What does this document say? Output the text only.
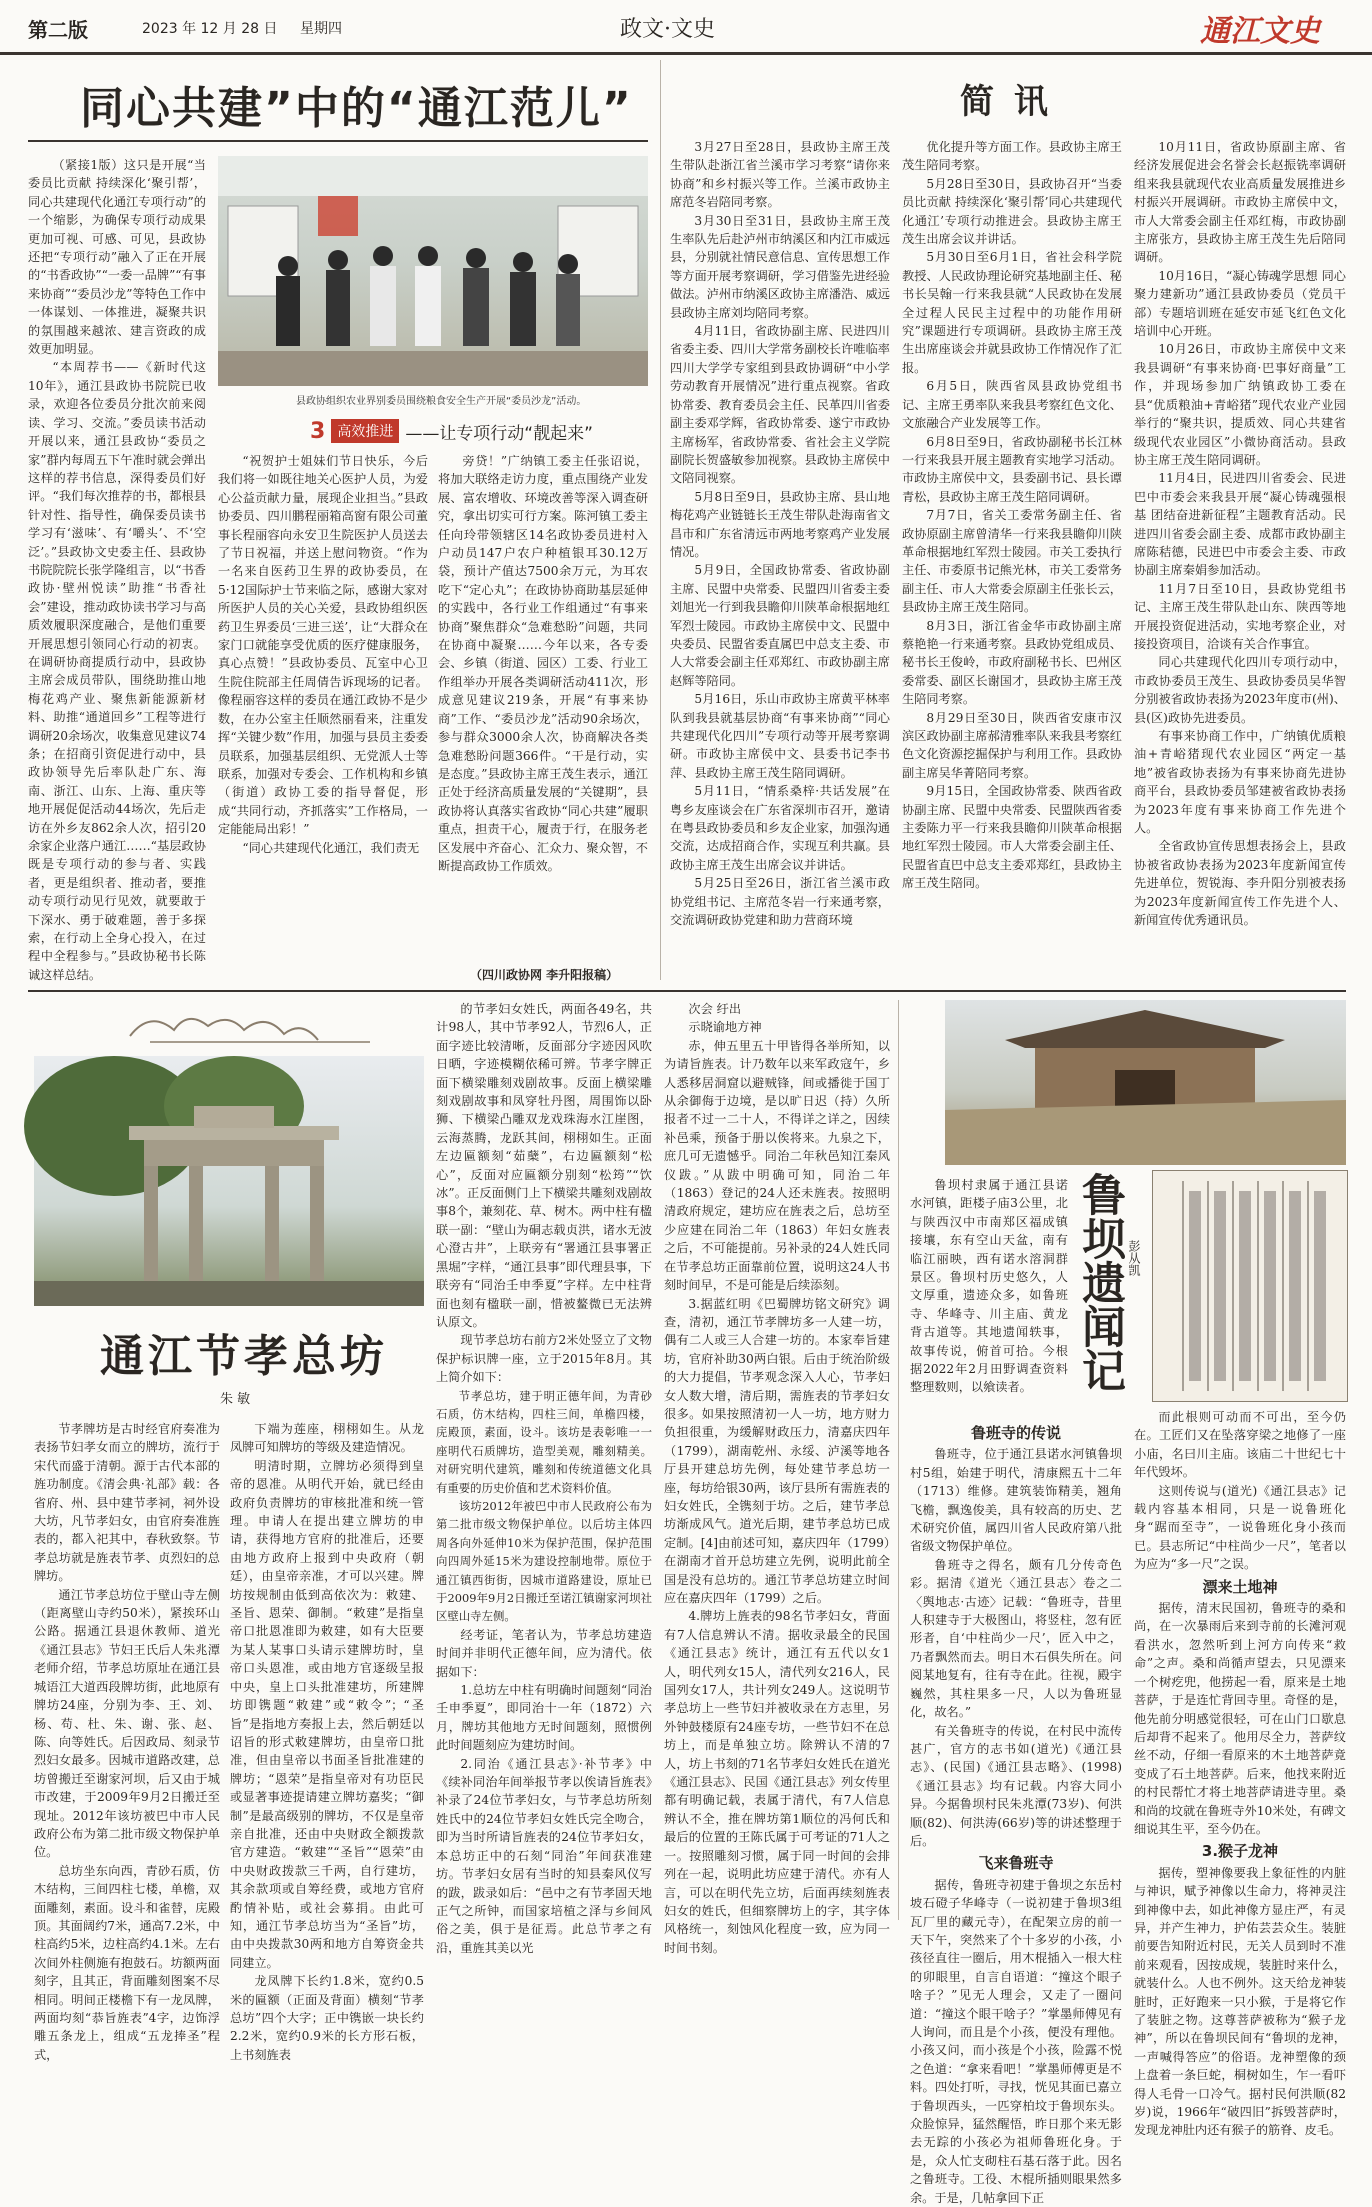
第二版	2023 年 12 月 28 日 星期四	政文·文史	通江文史
同心共建”中的“通江范儿”

（紧接1版）这只是开展“当委员比贡献 持续深化‘聚引帮’，同心共建现代化通江专项行动”的一个缩影，为确保专项行动成果更加可视、可感、可见，县政协还把“专项行动”融入了正在开展的“书香政协”“一委一品牌”“有事来协商”“委员沙龙”等特色工作中一体谋划、一体推进，凝聚共识的氛围越来越浓、建言资政的成效更加明显。

“本周荐书——《新时代这10年》，通江县政协书院院已收录，欢迎各位委员分批次前来阅读、学习、交流。”委员读书活动开展以来，通江县政协“委员之家”群内每周五下午准时就会弹出这样的荐书信息，深得委员们好评。“我们每次推荐的书，都根县针对性、指导性，确保委员读书学习有‘滋味’、有‘嚼头’、不‘空泛’。”县政协文史委主任、县政协书院院院长张学隆组言，以“书香政协·壁州悦读”助推“书香社会”建设，推动政协读书学习与高质效履职深度融合，是他们重要开展思想引领同心行动的初衷。在调研协商提质行动中，县政协主席会成员带队，围绕助推山地梅花鸡产业、聚焦新能源新材料、助推“通道回乡”工程等进行调研20余场次，收集意见建议74条；在招商引资促进行动中，县政协领导先后率队赴广东、海南、浙江、山东、上海、重庆等地开展促促活动44场次，先后走访在外乡友862余人次，招引20余家企业落户通江……“基层政协既是专项行动的参与者、实践者，更是组织者、推动者，要推动专项行动见行见效，就要敢于下深水、勇于破难题，善于多探索，在行动上全身心投入，在过程中全程参与。”县政协秘书长陈诚这样总结。

县政协组织农业界别委员围绕粮食安全生产开展“委员沙龙”活动。
3 高效推进 ——让专项行动“靓起来”

“祝贺护士姐妹们节日快乐，今后我们将一如既往地关心医护人员，为爱心公益贡献力量，展现企业担当。”县政协委员、四川鹏程丽箱高窗有限公司董事长程丽容向永安卫生院医护人员送去了节日祝福，并送上慰问物资。“作为一名来自医药卫生界的政协委员，在5·12国际护士节来临之际，感谢大家对所医护人员的关心关爱，县政协组织医药卫生界委员‘三进三送’，让“大群众在家门口就能享受优质的医疗健康服务，真心点赞！”县政协委员、瓦室中心卫生院住院部主任周倩告诉现场的记者。像程丽容这样的委员在通江政协不是少数，在办公室主任顺然丽看来，注重发挥“关键少数”作用，加强与县员主委委员联系，加强基层组织、无党派人士等联系，加强对专委会、工作机构和乡镇（街道）政协工委的指导督促，形成“共同行动，齐抓落实”工作格局，一定能能局出彩！”

“同心共建现代化通江，我们责无

旁贷！”广纳镇工委主任张诏说，将加大联络走访力度，重点围绕产业发展、富农增收、环境改善等深入调查研究，拿出切实可行方案。陈河镇工委主任向玲带领辖区14名政协委员进村入户动员147户农户种植银耳30.12万袋，预计产值达7500余万元，为耳农吃下“定心丸”；在政协协商助基层延伸的实践中，各行业工作组通过“有事来协商”聚焦群众“急难愁盼”问题，共同在协商中凝聚……今年以来，各专委会、乡镇（街道、园区）工委、行业工作组举办开展各类调研活动411次，形成意见建议219条，开展“有事来协商”工作、“委员沙龙”活动90余场次，参与群众3000余人次，协商解决各类急难愁盼问题366件。“干是行动，实是态度。”县政协主席王茂生表示，通江正处于经济高质量发展的“关键期”，县政协将认真落实省政协“同心共建”履职重点，担责干心，履责于行，在服务老区发展中齐奋心、汇众力、聚众智，不断提高政协工作质效。

（四川政协网 李升阳报稿）
简 讯

3月27日至28日，县政协主席王茂生带队赴浙江省兰溪市学习考察“请你来协商”和乡村振兴等工作。兰溪市政协主席范冬岩陪同考察。

3月30日至31日，县政协主席王茂生率队先后赴泸州市纳溪区和内江市威远县，分别就社情民意信息、宣传思想工作等方面开展考察调研，学习借鉴先进经验做法。泸州市纳溪区政协主席潘浩、威远县政协主席刘均陪同考察。

4月11日，省政协副主席、民进四川省委主委、四川大学常务副校长许唯临率四川大学学专家组到县政协调研“中小学劳动教育开展情况”进行重点视察。省政协常委、教育委员会主任、民革四川省委副主委邓学辉，省政协常委、遂宁市政协主席杨军，省政协常委、省社会主义学院副院长贺盛敏参加视察。县政协主席侯中文陪同视察。

5月8日至9日，县政协主席、县山地梅花鸡产业链链长王茂生带队赴海南省文昌市和广东省清远市两地考察鸡产业发展情况。

5月9日，全国政协常委、省政协副主席、民盟中央常委、民盟四川省委主委刘旭光一行到我县瞻仰川陕革命根据地红军烈士陵园。市政协主席侯中文、民盟中央委员、民盟省委直属巴中总支主委、市人大常委会副主任邓郑红、市政协副主席赵辉等陪同。

5月16日，乐山市政协主席黄平林率队到我县就基层协商“有事来协商”“同心共建现代化四川”专项行动等开展考察调研。市政协主席侯中文、县委书记李书萍、县政协主席王茂生陪同调研。

5月11日，“情系桑梓·共话发展”在粤乡友座谈会在广东省深圳市召开，邀请在粤县政协委员和乡友企业家，加强沟通交流，达成招商合作，实现互利共赢。县政协主席王茂生出席会议并讲话。

5月25日至26日，浙江省兰溪市政协党组书记、主席范冬岩一行来通考察，交流调研政协党建和助力营商环境

优化提升等方面工作。县政协主席王茂生陪同考察。

5月28日至30日，县政协召开“当委员比贡献 持续深化‘聚引帮’同心共建现代化通江’专项行动推进会。县政协主席王茂生出席会议并讲话。

5月30日至6月1日，省社会科学院教授、人民政协理论研究基地副主任、秘书长吴翰一行来我县就“人民政协在发展全过程人民民主过程中的功能作用研究”课题进行专项调研。县政协主席王茂生出席座谈会并就县政协工作情况作了汇报。

6月5日，陕西省凤县政协党组书记、主席王勇率队来我县考察红色文化、文旅融合产业发展等工作。

6月8日至9日，省政协副秘书长江林一行来我县开展主题教育实地学习活动。市政协主席侯中文，县委副书记、县长谭青松，县政协主席王茂生陪同调研。

7月7日，省关工委常务副主任、省政协原副主席曾清华一行来我县瞻仰川陕革命根据地红军烈士陵园。市关工委执行主任、市委原书记熊光林，市关工委常务副主任、市人大常委会原副主任张长云，县政协主席王茂生陪同。

8月3日，浙江省金华市政协副主席蔡艳艳一行来通考察。县政协党组成员、秘书长王俊岭，市政府副秘书长、巴州区委常委、副区长谢国才，县政协主席王茂生陪同考察。

8月29日至30日，陕西省安康市汉滨区政协副主席郝清雅率队来我县考察红色文化资源挖掘保护与利用工作。县政协副主席吴华菁陪同考察。

9月15日，全国政协常委、陕西省政协副主席、民盟中央常委、民盟陕西省委主委陈力平一行来我县瞻仰川陕革命根据地红军烈士陵园。市人大常委会副主任、民盟省直巴中总支主委邓郑红，县政协主席王茂生陪同。

10月11日，省政协原副主席、省经济发展促进会名誉会长赵振铣率调研组来我县就现代农业高质量发展推进乡村振兴开展调研。市政协主席侯中文，市人大常委会副主任邓红梅，市政协副主席张方，县政协主席王茂生先后陪同调研。

10月16日，“凝心铸魂学思想 同心聚力建新功”通江县政协委员（党员干部）专题培训班在延安市延飞红色文化培训中心开班。

10月26日，市政协主席侯中文来我县调研“有事来协商·巴事好商量”工作，并现场参加广纳镇政协工委在县“优质粮油+青峪猪”现代农业产业园举行的“聚共识，提质效、同心共建省级现代农业园区”小微协商活动。县政协主席王茂生陪同调研。

11月4日，民进四川省委会、民进巴中市委会来我县开展“凝心铸魂强根基 团结奋进新征程”主题教育活动。民进四川省委会副主委、成都市政协副主席陈秸德，民进巴中市委会主委、市政协副主席秦娟参加活动。

11月7日至10日，县政协党组书记、主席王茂生带队赴山东、陕西等地开展投资促进活动，实地考察企业，对接投资项目，洽谈有关合作事宜。

同心共建现代化四川专项行动中，市政协委员王茂生、县政协委员吴华智分别被省政协表扬为2023年度市(州)、县(区)政协先进委员。

有事来协商工作中，广纳镇优质粮油+青峪猪现代农业园区“两定一基地”被省政协表扬为有事来协商先进协商平台，县政协委员邹建被省政协表扬为2023年度有事来协商工作先进个人。

全省政协宣传思想表扬会上，县政协被省政协表扬为2023年度新闻宣传先进单位，贺锐海、李升阳分别被表扬为2023年度新闻宣传工作先进个人、新闻宣传优秀通讯员。

通江节孝总坊
朱 敏

节孝牌坊是古时经官府奏准为表扬节妇孝女而立的牌坊，流行于宋代而盛于清朝。源于古代本部的旌功制度。《清会典·礼部》载：各省府、州、县中建节孝祠，祠外设大坊，凡节孝妇女，由官府奏准旌表的，都入祀其中，春秋致祭。节孝总坊就是旌表节孝、贞烈妇的总牌坊。

通江节孝总坊位于壁山寺左侧（距离壁山寺约50米），紧挨环山公路。据通江县退休教师、道光《通江县志》节妇王氏后人朱兆潭老师介绍，节孝总坊原址在通江县城语江大道西段牌坊街，此地原有牌坊24座，分别为李、王、刘、杨、苟、杜、朱、谢、张、赵、陈、向等姓氏。后因政局、刻录节烈妇女最多。因城市道路改建，总坊曾搬迁至谢家河坝，后又由于城市改建，于2009年9月2日搬迁至现址。2012年该坊被巴中市人民政府公布为第二批市级文物保护单位。

总坊坐东向西，青砂石质，仿木结构，三间四柱七楼，单檐，双面雕刻，素面。设斗和雀替，庑殿顶。其面阔约7米，通高7.2米，中柱高约5米，边柱高约4.1米。左右次间外柱侧施有抱鼓石。坊额两面刻字，且其正，背面雕刻图案不尽相同。明间正楼檐下有一龙凤牌，两面均刻“恭旨旌表”4字，边饰浮雕五条龙上，组成“五龙捧圣”程式，

下端为莲座，栩栩如生。从龙凤牌可知牌坊的等级及建造情况。

明清时期，立牌坊必须得到皇帝的恩准。从明代开始，就已经由政府负责牌坊的审核批准和统一管理。申请人在提出建立牌坊的申请，获得地方官府的批准后，还要由地方政府上报到中央政府（朝廷），由皇帝亲准，才可以兴建。牌坊按规制由低到高依次为：敕建、圣旨、恩荣、御制。“敕建”是指皇帝口批恩准即为敕建，如有大臣要为某人某事口头请示建牌坊时，皇帝口头恩准，或由地方官逐级呈报中央，皇上口头批准建坊，所建牌坊即镌题“敕建”或“敕令”；“圣旨”是指地方奏报上去，然后朝廷以诏旨的形式敕建牌坊，由皇帝口批准，但由皇帝以书面圣旨批准建的牌坊；“恩荣”是指皇帝对有功臣民或显著事迹提请建立牌坊嘉奖；“御制”是最高级别的牌坊，不仅是皇帝亲自批准，还由中央财政全额拨款官方建造。“敕建”“圣旨”“恩荣”由中央财政拨款三千两，自行建坊，其余款项或自筹经费，或地方官府酌情补贴，或社会募捐。由此可知，通江节孝总坊当为“圣旨”坊，由中央拨款30两和地方自筹资金共同建立。

龙凤牌下长约1.8米，宽约0.5米的匾额（正面及背面）横刻“节孝总坊”四个大字；正中镌嵌一块长约2.2米，宽约0.9米的长方形石板，上书刻旌表

的节孝妇女姓氏，两面各49名，共计98人，其中节孝92人，节烈6人，正面字迹比较清晰，反面部分字迹因风吹日晒，字迹模糊依稀可辨。节孝字牌正面下横梁雕刻戏剧故事。反面上横梁雕刻戏剧故事和凤穿牡丹图，周围饰以卧狮、下横梁凸雕双龙戏珠海水江崖图，云海蒸腾，龙跃其间，栩栩如生。正面左边匾额刻“茹蘖”，右边匾额刻“松心”，反面对应匾额分别刻“松筠”“饮冰”。正反面侧门上下横梁共雕刻戏剧故事8个，兼刻花、草、树木。两中柱有楹联一副：“壁山为硐志载贞洪，诸水无波心澄古井”，上联旁有“署通江县事署正黑堀”字样，“通江县事”即代理县事，下联旁有“同治壬申季夏”字样。左中柱背面也刻有楹联一副，惜被鳌微已无法辨认原文。

现节孝总坊右前方2米处竖立了文物保护标识牌一座，立于2015年8月。其上简介如下：

节孝总坊，建于明正德年间，为青砂石质，仿木结构，四柱三间，单檐四楼，庑殿顶，素面，设斗。该坊是表彰唯一一座明代石质牌坊，造型美观，雕刻精美。对研究明代建筑，雕刻和传统道德文化具有重要的历史价值和艺术资料价值。

该坊2012年被巴中市人民政府公布为第二批市级文物保护单位。以后坊主体四周各向外延伸10米为保护范围，保护范围向四周外延15米为建设控制地带。原位于通江镇西街街，因城市道路建设，原址已于2009年9月2日搬迁至诺江镇谢家河坝社区壁山寺左侧。

经考证，笔者认为，节孝总坊建造时间并非明代正德年间，应为清代。依据如下：

1.总坊左中柱有明确时间题刻“同治壬申季夏”，即同治十一年（1872）六月，牌坊其他地方无时间题刻，照惯例此时间题刻应为建坊时间。

2.同治《通江县志》·补节孝》中《续补同治年间举报节孝以俟请旨旌表》补录了24位节孝妇女，与节孝总坊所刻姓氏中的24位节孝妇女姓氏完全吻合，即为当时所请旨旌表的24位节孝妇女，本总坊正中的石刻“同治”年间获准建坊。节孝妇女居有当时的知县秦风仪写的跋，跋录如后：“邑中之有节孝固天地正气之所钟，而国家培植之泽与乡间风俗之美，俱于是征焉。此总节孝之有沿，重旌其美以光

次会 纡出

示晓谕地方神

赤，伸五里五十甲皆得各举所知，以为请旨旌表。计乃数年以来军政寇午，乡人悉移居洞窟以避贼锋，间或播徙于国丁从余御侮于边境，是以旷日迟（持）久所报者不过一二十人，不得详之详之，因续补邑乘，预备于册以俟将来。九泉之下，庶几可无遗憾乎。同治二年秋邑知江秦风仪跋。”从跋中明确可知，同治二年（1863）登记的24人还未旌表。按照明清政府规定，建坊应在旌表之后，总坊至少应建在同治二年（1863）年妇女旌表之后，不可能提前。另补录的24人姓氏同在节孝总坊正面靠前位置，说明这24人书刻时间早，不是可能是后续添刻。

3.据蓝红明《巴蜀牌坊铭文研究》调查，清初，通江节孝牌坊多一人建一坊，偶有二人或三人合建一坊的。本家奉旨建坊，官府补助30两白银。后由于统治阶级的大力提倡，节孝观念深入人心，节孝妇女人数大增，清后期，需旌表的节孝妇女很多。如果按照清初一人一坊，地方财力负担很重，为缓解财政压力，清嘉庆四年（1799），湖南乾州、永绥、泸溪等地各厅县开建总坊先例，每处建节孝总坊一座，每坊给银30两，该厅县所有需旌表的妇女姓氏，全镌刻于坊。之后，建节孝总坊渐成风气。道光后期，建节孝总坊已成定制。[4]由前述可知，嘉庆四年（1799）在湖南才首开总坊建立先例，说明此前全国是没有总坊的。通江节孝总坊建立时间应在嘉庆四年（1799）之后。

4.牌坊上旌表的98名节孝妇女，背面有7人信息辨认不清。据收录最全的民国《通江县志》统计，通江有五代以女1人，明代列女15人，清代列女216人，民国列女17人，共计列女249人。这说明节孝总坊上一些节妇并被收录在方志里，另外钟鼓楼原有24座专坊，一些节妇不在总坊上，而是单独立坊。除辨认不清的7人，坊上书刻的71名节孝妇女姓氏在道光《通江县志》、民国《通江县志》列女传里都有明确记载，表属于清代，有7人信息辨认不全，推在牌坊第1顺位的冯何氏和最后的位置的王陈氏属于可考证的71人之一。按照雕刻习惯，属于同一时间的会排列在一起，说明此坊应建于清代。亦有人言，可以在明代先立坊，后面再续刻旌表妇女的姓氏，但细察牌坊上的字，其字体风格统一，刻蚀风化程度一致，应为同一时间书刻。

鲁坝遗闻记 彭从凯

鲁坝村隶属于通江县诺水河镇，距楼子庙3公里，北与陕西汉中市南郑区福成镇接壤，东有空山天盆，南有临江丽映，西有诺水溶洞群景区。鲁坝村历史悠久，人文厚重，遗迹众多，如鲁班寺、华峰寺、川主庙、黄龙背古道等。其地遗闻轶事，故事传说，俯首可拾。今根据2022年2月田野调查资料整理数则，以飨读者。

鲁班寺的传说

鲁班寺，位于通江县诺水河镇鲁坝村5组，始建于明代，清康熙五十二年（1713）维修。建筑装饰精美，翘角飞檐，飘逸俊美，具有较高的历史、艺术研究价值，属四川省人民政府第八批省级文物保护单位。

鲁班寺之得名，颇有几分传奇色彩。据清《道光〈通江县志〉卷之二〈舆地志·古迹〉记载：“鲁班寺，昔里人积建寺于大极图山，将竖柱，忽有匠形者，自‘中柱尚少一尺’，匠入中之，乃者飘然而去。明日木石俱失所在。问阅某地复有，往有寺在此。往视，殿宇巍然，其柱果多一尺，人以为鲁班显化，故名。”

有关鲁班寺的传说，在村民中流传甚广，官方的志书如(道光)《通江县志》、(民国)《通江县志略》、(1998)《通江县志》均有记载。内容大同小异。今据鲁坝村民朱兆潭(73岁)、何洪顺(82)、何洪涛(66岁)等的讲述整理于后。

飞来鲁班寺

据传，鲁班寺初建于鲁坝之东岳村坡石磴子华峰寺（一说初建于鲁坝3组瓦厂里的藏元寺），在配架立房的前一天下午，突然来了个十多岁的小孩，小孩径直往一圈后，用木棍插入一根大柱的卯眼里，自言自语道：“撞这个眼子啥子？”见无人理会，又走了一圈问道：“撞这个眼干啥子？”掌墨师傅见有人询问，而且是个小孩，便没有理他。小孩又问，而小孩是个小孩，险露不悦之色道：“拿来看吧！”掌墨师傅更是不料。四处打听，寻找，恍见其面已嘉立于鲁坝西头，一匹穿柏坟于鲁坝东头。众脸惊异，猛然醒悟，昨日那个来无影去无踪的小孩必为祖师鲁班化身。于是，众人忙支砌柱石基石落于此。因名之鲁班寺。工役、木棍所插则眼果然多余。于是，几帖拿回下正

而此根则可动而不可出，至今仍在。工匠们又在坠落穿梁之地修了一座小庙，名曰川主庙。该庙二十世纪七十年代毁坏。

这则传说与(道光)《通江县志》记载内容基本相同，只是一说鲁班化身“踞而至寺”，一说鲁班化身小孩而已。县志所记“中柱尚少一尺”，笔者以为应为“多一尺”之误。

漂来土地神

据传，清末民国初，鲁班寺的桑和尚，在一次暴雨后来到寺前的长滩河观看洪水，忽然听到上河方向传来“救命”之声。桑和尚循声望去，只见漂来一个树疙兜，他捞起一看，原来是土地菩萨，于是连忙背回寺里。奇怪的是，他先前分明感觉很轻，可在山门口歇息后却背不起来了。他用尽全力，菩萨纹丝不动，仔细一看原来的木土地菩萨竟变成了石土地菩萨。后来，他找来附近的村民帮忙才将土地菩萨请进寺里。桑和尚的坟就在鲁班寺外10米处，有碑文细说其生平，至今仍在。

3.猴子龙神

据传，塑神像要我上象征性的内脏与神识，赋予神像以生命力，将神灵注到神像中去，如此神像方显庄严，有灵异，并产生神力，护佑芸芸众生。装脏前要告知附近村民，无关人员到时不准前来观看，因按成规，装脏时来什么，就装什么。人也不例外。这天给龙神装脏时，正好跑来一只小猴，于是将它作了装脏之物。这尊菩萨被称为“猴子龙神”，所以在鲁坝民间有“鲁坝的龙神，一声喊得答应”的俗语。龙神塑像的颈上盘着一条巨蛇，桐树如生，乍一看吓得人毛骨一口冷气。据村民何洪顺(82岁)说，1966年“破四旧”拆毁菩萨时，发现龙神肚内还有猴子的筋脊、皮毛。
